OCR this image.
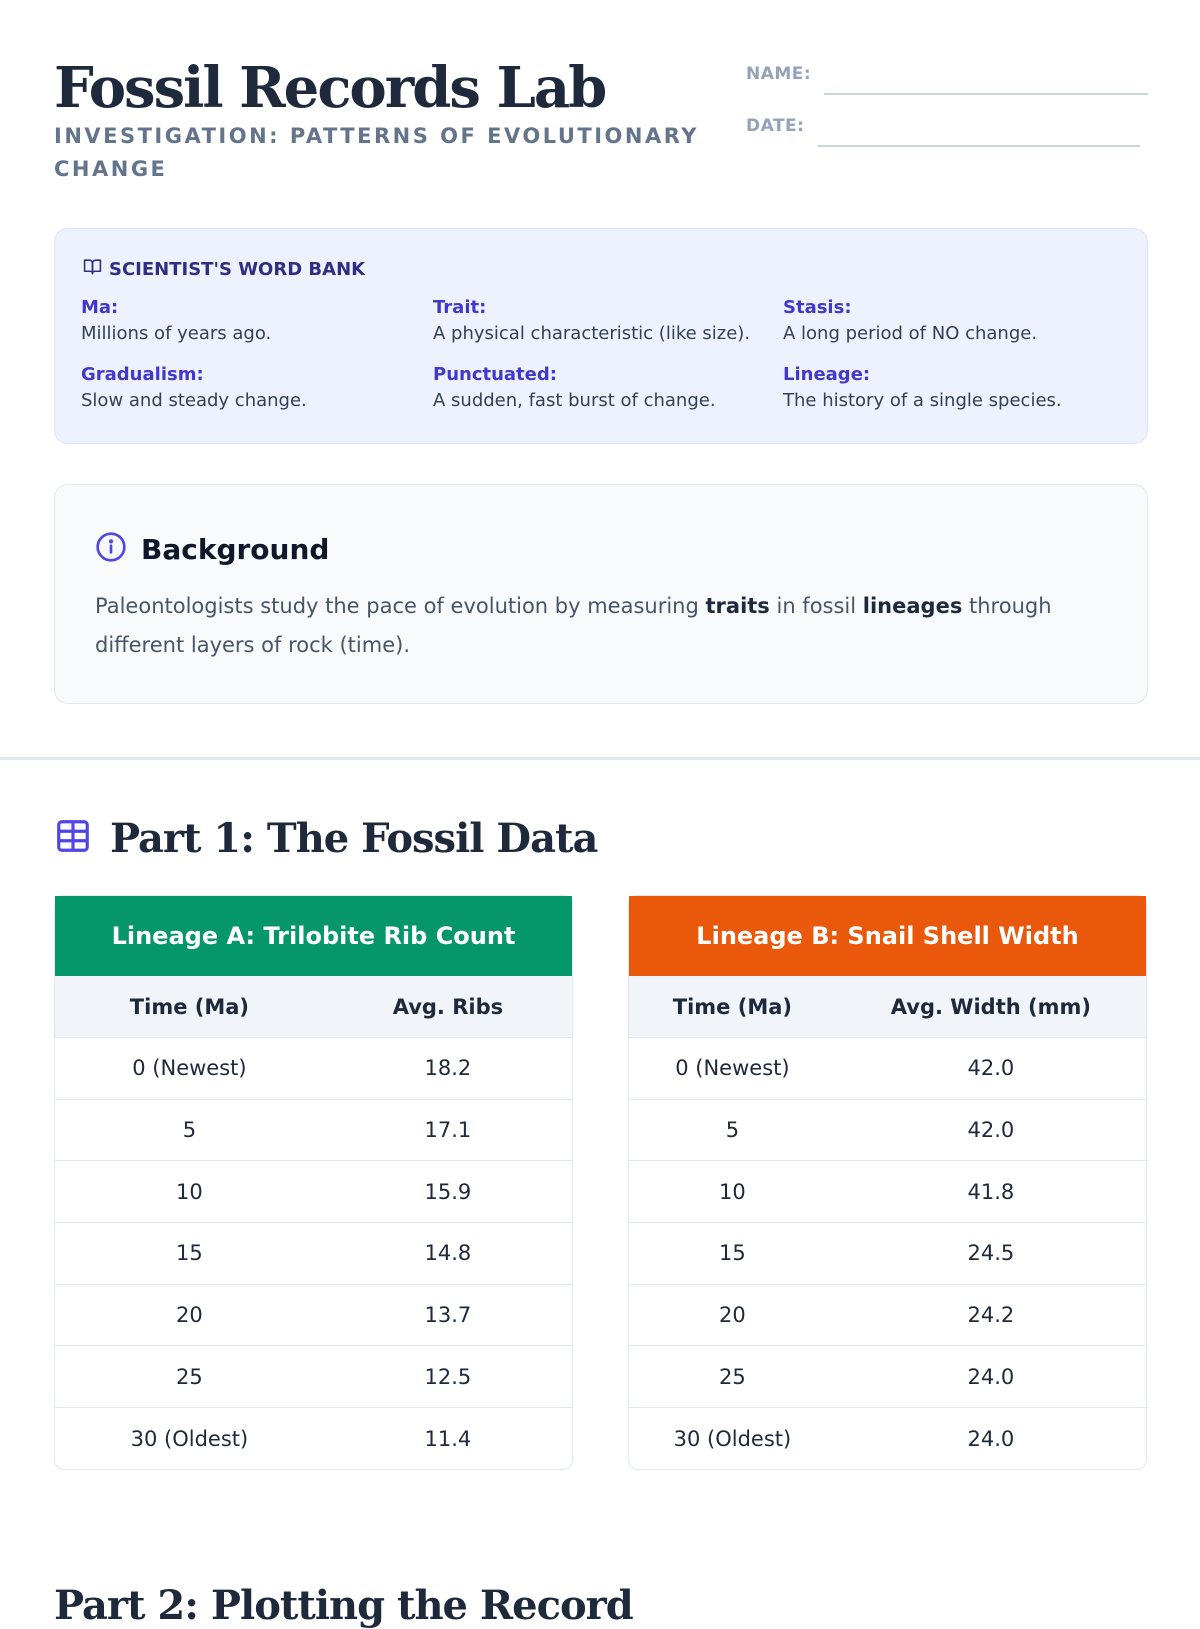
Fossil Records Lab
INVESTIGATION: PATTERNS OF EVOLUTIONARY CHANGE
NAME:
DATE:
SCIENTIST'S WORD BANK
Ma:
Millions of years ago.
Trait:
A physical characteristic (like size).
Stasis:
A long period of NO change.
Gradualism:
Slow and steady change.
Punctuated:
A sudden, fast burst of change.
Lineage:
The history of a single species.
Background
Paleontologists study the pace of evolution by measuring traits in fossil lineages through different layers of rock (time).
Part 1: The Fossil Data
Lineage A: Trilobite Rib Count
Time (Ma)	Avg. Ribs
0 (Newest)	18.2
5	17.1
10	15.9
15	14.8
20	13.7
25	12.5
30 (Oldest)	11.4
Lineage B: Snail Shell Width
Time (Ma)	Avg. Width (mm)
0 (Newest)	42.0
5	42.0
10	41.8
15	24.5
20	24.2
25	24.0
30 (Oldest)	24.0
Part 2: Plotting the Record
